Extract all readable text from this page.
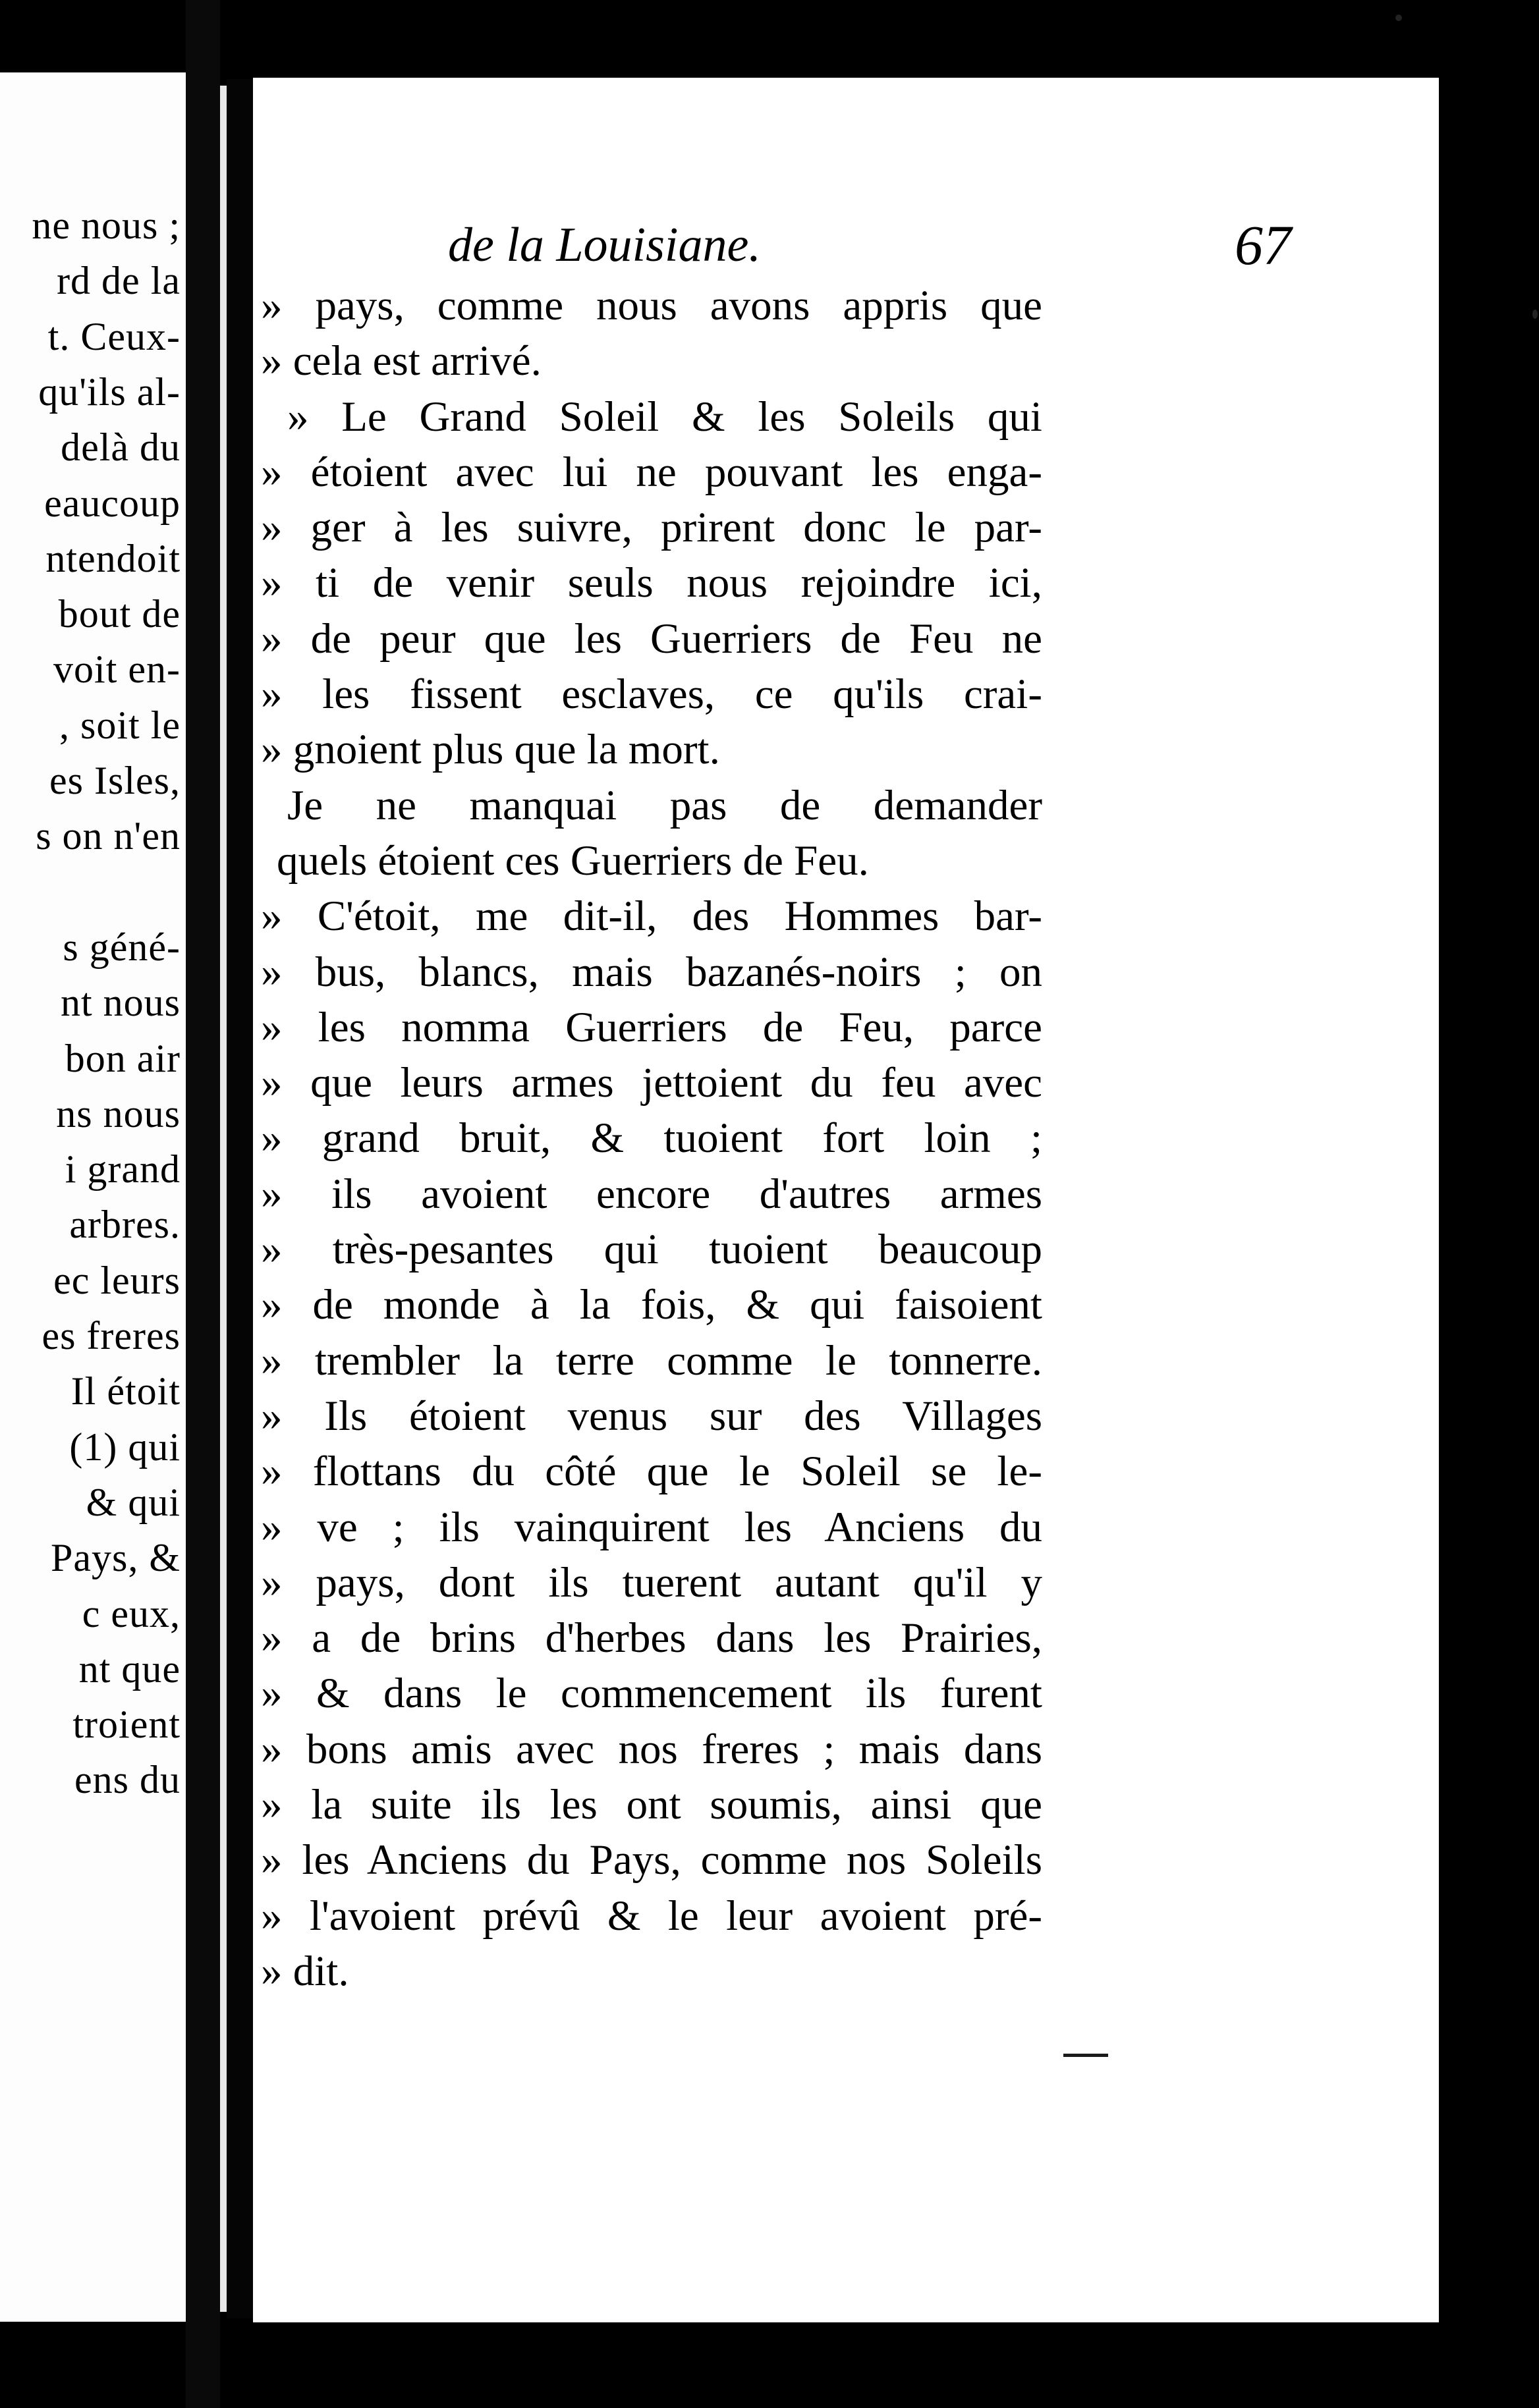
ne nous ;
rd de la
t. Ceux-
qu'ils al-
delà du
eaucoup
ntendoit
bout de
voit en-
, soit le
es Isles,
s on n'en
s géné-
nt nous
bon air
ns nous
i grand
arbres.
ec leurs
es freres
Il étoit
(1) qui
& qui
Pays, &
c eux,
nt que
troient
ens du
de la Louisiane.	67
» pays, comme nous avons appris que
» cela est arrivé.
» Le Grand Soleil & les Soleils qui
» étoient avec lui ne pouvant les enga-
» ger à les suivre, prirent donc le par-
» ti de venir seuls nous rejoindre ici,
» de peur que les Guerriers de Feu ne
» les fissent esclaves, ce qu'ils crai-
» gnoient plus que la mort.
Je ne manquai pas de demander
quels étoient ces Guerriers de Feu.
» C'étoit, me dit-il, des Hommes bar-
» bus, blancs, mais bazanés-noirs ; on
» les nomma Guerriers de Feu, parce
» que leurs armes jettoient du feu avec
» grand bruit, & tuoient fort loin ;
» ils avoient encore d'autres armes
» très-pesantes qui tuoient beaucoup
» de monde à la fois, & qui faisoient
» trembler la terre comme le tonnerre.
» Ils étoient venus sur des Villages
» flottans du côté que le Soleil se le-
» ve ; ils vainquirent les Anciens du
» pays, dont ils tuerent autant qu'il y
» a de brins d'herbes dans les Prairies,
» & dans le commencement ils furent
» bons amis avec nos freres ; mais dans
» la suite ils les ont soumis, ainsi que
» les Anciens du Pays, comme nos Soleils
» l'avoient prévû & le leur avoient pré-
» dit.
